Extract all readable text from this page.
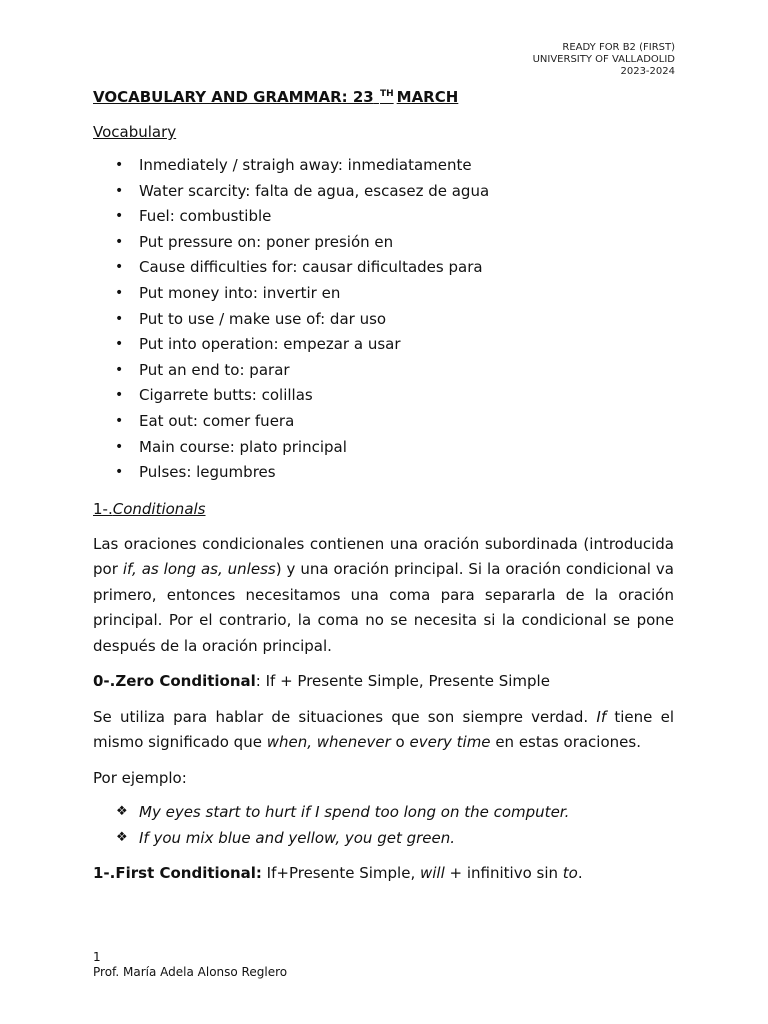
READY FOR B2 (FIRST)
UNIVERSITY OF VALLADOLID
2023-2024
VOCABULARY AND GRAMMAR: 23 $^{TH}$ MARCH
Vocabulary
• Inmediately / straigh away: inmediatamente
• Water scarcity: falta de agua, escasez de agua
• Fuel: combustible
• Put pressure on: poner presión en
• Cause difficulties for: causar dificultades para
• Put money into: invertir en
• Put to use / make use of: dar uso
• Put into operation: empezar a usar
• Put an end to: parar
• Cigarrete butts: colillas
• Eat out: comer fuera
• Main course: plato principal
• Pulses: legumbres
1-.Conditionals

Las oraciones condicionales contienen una oración subordinada (introducida por if, as long as, unless) y una oración principal. Si la oración condicional va primero, entonces necesitamos una coma para separarla de la oración principal. Por el contrario, la coma no se necesita si la condicional se pone después de la oración principal.

0-.Zero Conditional: If + Presente Simple, Presente Simple

Se utiliza para hablar de situaciones que son siempre verdad. If tiene el mismo significado que when, whenever o every time en estas oraciones.

Por ejemplo:

❖ My eyes start to hurt if I spend too long on the computer.
❖ If you mix blue and yellow, you get green.

1-.First Conditional: If+Presente Simple, will + infinitivo sin to.

1
Prof. María Adela Alonso Reglero
